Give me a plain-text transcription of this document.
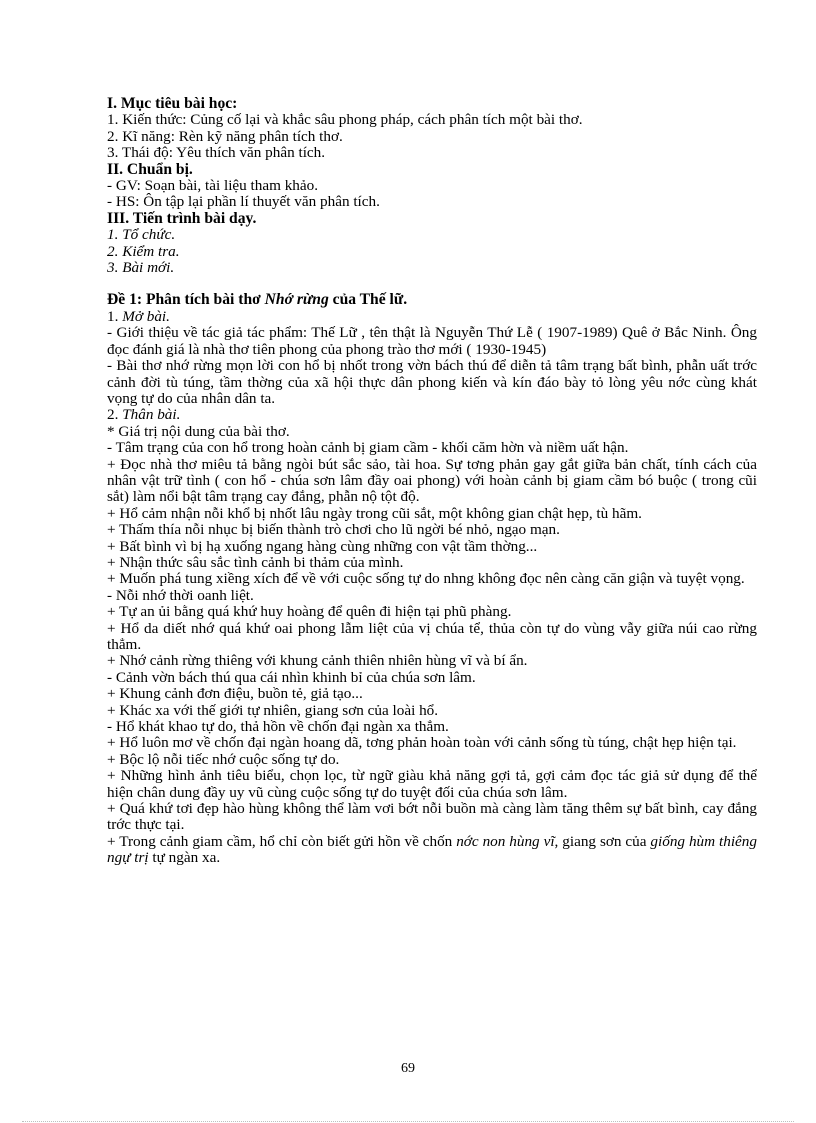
I. Mục tiêu bài học:
1. Kiến thức: Củng cố lại và khắc sâu phong pháp, cách phân tích một bài thơ.
2. Kĩ năng: Rèn kỹ năng phân tích thơ.
3. Thái độ: Yêu thích văn phân tích.
II. Chuẩn bị.
- GV: Soạn bài, tài liệu tham khảo.
- HS: Ôn tập lại phần lí thuyết văn phân tích.
III. Tiến trình bài dạy.
1. Tổ chức.
2. Kiểm tra.
3. Bài mới.
Đề 1: Phân tích bài thơ Nhớ rừng của Thế lữ.
1. Mở bài.
- Giới thiệu về tác giả tác phẩm: Thế Lữ , tên thật là Nguyễn Thứ Lễ ( 1907-1989) Quê ở Bắc Ninh. Ông đọc đánh giá là nhà thơ tiên phong của phong trào thơ mới ( 1930-1945)
- Bài thơ nhớ rừng mọn lời con hổ bị nhốt trong vờn bách thú để diễn tả tâm trạng bất bình, phẫn uất trớc cảnh đời tù túng, tầm thờng của xã hội thực dân phong kiến và kín đáo bày tỏ lòng yêu nớc cùng khát vọng tự do của nhân dân ta.
2. Thân bài.
* Giá trị nội dung của bài thơ.
- Tâm trạng của con hổ trong hoàn cảnh bị giam cầm - khối căm hờn và niềm uất hận.
+ Đọc nhà thơ miêu tả bằng ngòi bút sắc sảo, tài hoa. Sự tơng phản gay gắt giữa bản chất, tính cách của nhân vật trữ tình ( con hổ - chúa sơn lâm đầy oai phong) với hoàn cảnh bị giam cầm bó buộc ( trong cũi sắt) làm nổi bật tâm trạng cay đắng, phẫn nộ tột độ.
+ Hổ cảm nhận nỗi khổ bị nhốt lâu ngày trong cũi sắt, một không gian chật hẹp, tù hãm.
+ Thấm thía nỗi nhục bị biến thành trò chơi cho lũ ngời bé nhỏ, ngạo mạn.
+ Bất bình vì bị hạ xuống ngang hàng cùng những con vật tầm thờng...
+ Nhận thức sâu sắc tình cảnh bi thảm của mình.
+ Muốn phá tung xiềng xích để về với cuộc sống tự do nhng không đọc nên càng căn giận và tuyệt vọng.
- Nỗi nhớ thời oanh liệt.
+ Tự an ủi bằng quá khứ huy hoàng để quên đi hiện tại phũ phàng.
+ Hổ da diết nhớ quá khứ oai phong lẫm liệt của vị chúa tể, thủa còn tự do vùng vẫy giữa núi cao rừng thẳm.
+ Nhớ cảnh rừng thiêng với khung cảnh thiên nhiên hùng vĩ và bí ẩn.
- Cảnh vờn bách thú qua cái nhìn khinh bỉ của chúa sơn lâm.
+ Khung cảnh đơn điệu, buồn tẻ, giả tạo...
+ Khác xa với thế giới tự nhiên, giang sơn của loài hổ.
- Hổ khát khao tự do, thả hồn về chốn đại ngàn xa thẳm.
+ Hổ luôn mơ về chốn đại ngàn hoang dã, tơng phản hoàn toàn với cảnh sống tù túng, chật hẹp hiện tại.
+ Bộc lộ nỗi tiếc nhớ cuộc sống tự do.
+ Những hình ảnh tiêu biểu, chọn lọc, từ ngữ giàu khả năng gợi tả, gợi cảm đọc tác giả sử dụng để thể hiện chân dung đầy uy vũ cùng cuộc sống tự do tuyệt đối của chúa sơn lâm.
+ Quá khứ tơi đẹp hào hùng không thể làm vơi bớt nỗi buồn mà càng làm tăng thêm sự bất bình, cay đắng trớc thực tại.
+ Trong cảnh giam cầm, hổ chỉ còn biết gửi hồn về chốn nớc non hùng vĩ, giang sơn của giống hùm thiêng ngự trị tự ngàn xa.
69
